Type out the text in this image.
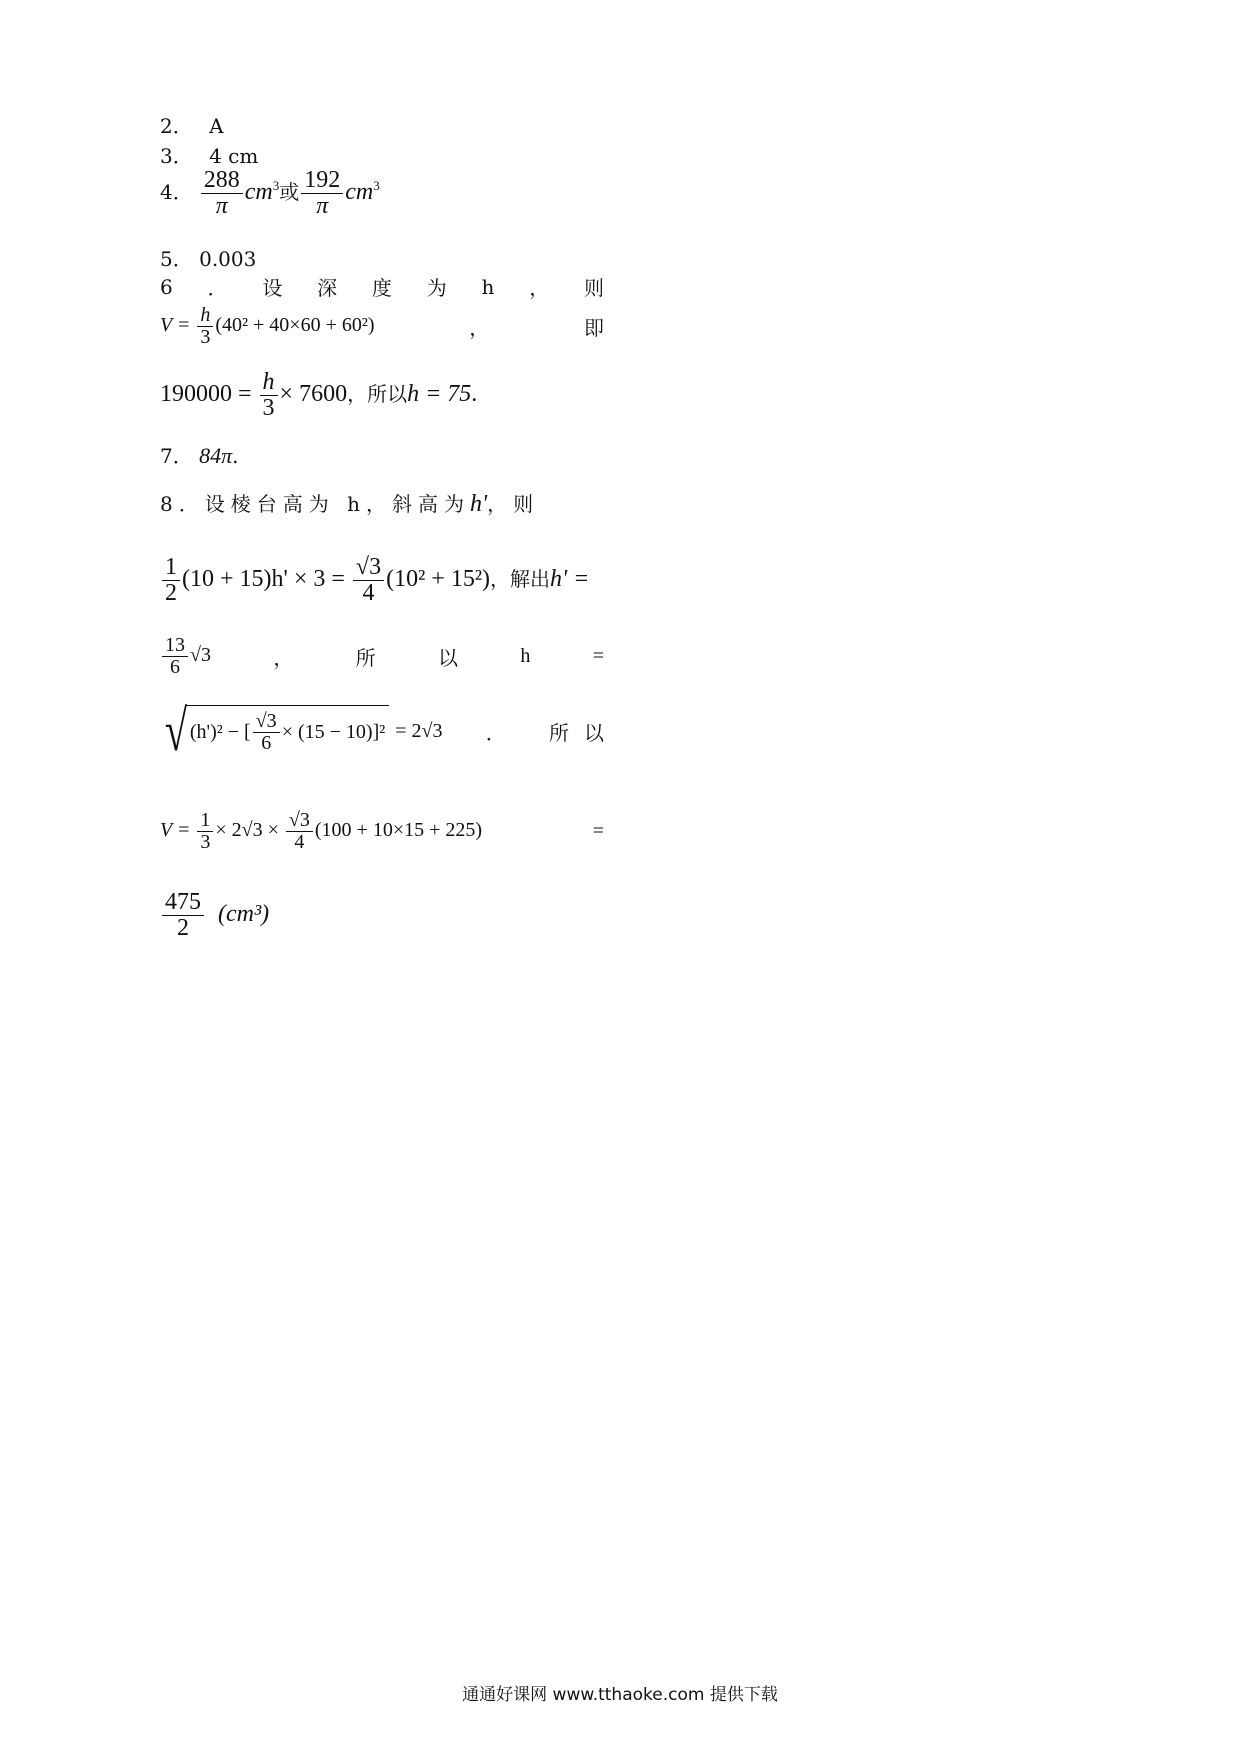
2． A
3． 4 cm
4． $\frac{288}{\pi} cm^3$或 $\frac{192}{\pi} cm^3$
5． 0.003
6 ． 设 深 度 为 h ， 则
$V = \frac{h}{3} (40^2 + 40\times 60 + 60^2)$	，	即
$190000 = \frac{h}{3} \times 7600$，所以h = 75.
7． 84π.
8．设棱台高为 h，斜高为h'，则
$\frac{1}{2} (10 + 15)h' \times 3 = \frac{√3}{4} (10^2 + 15^2)$，解出h' =
$\frac{13}{6} √3$	，	所	以	h	=
√ (h')² − [ $\frac{√3}{6} \times (15 - 10)]^2 = 2√3$ ． 所 以
$V = \frac{1}{3} \times 2√3 \times \frac{√3}{4} (100 + 10\times 15 + 225)$	=
$\frac{475}{2} (cm^3)$
通通好课网 www.tthaoke.com 提供下载
